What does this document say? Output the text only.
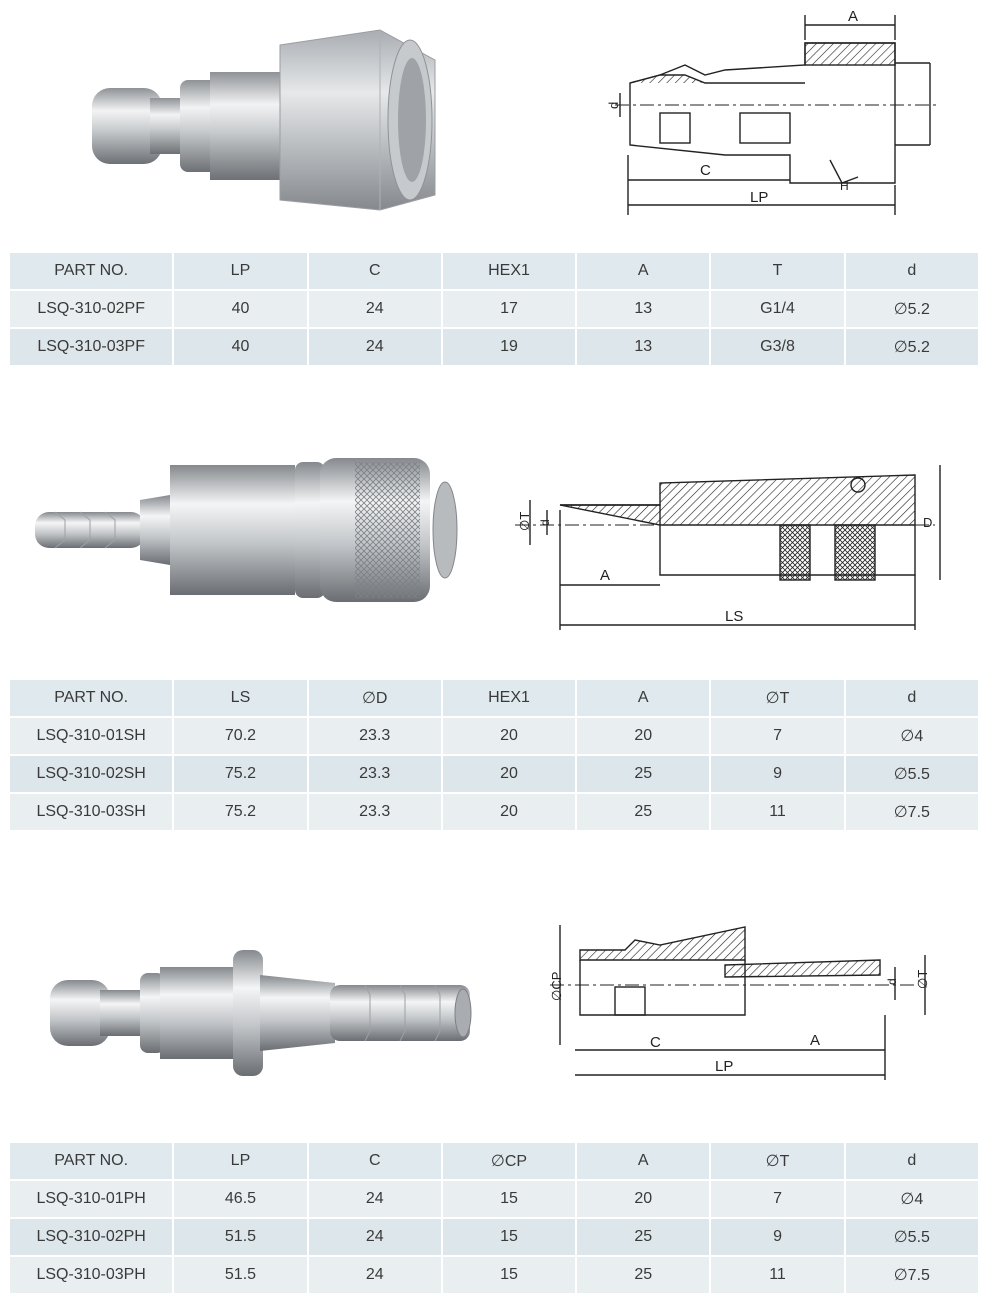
A
d
C
LP
H
PART NO.	LP	C	HEX1	A	T	d
LSQ-310-02PF	40	24	17	13	G1/4	∅5.2
LSQ-310-03PF	40	24	19	13	G3/8	∅5.2
∅T d
A
LS
D
PART NO.	LS	∅D	HEX1	A	∅T	d
LSQ-310-01SH	70.2	23.3	20	20	7	∅4
LSQ-310-02SH	75.2	23.3	20	25	9	∅5.5
LSQ-310-03SH	75.2	23.3	20	25	11	∅7.5
∅CP
C
LP
A
d ∅T
PART NO.	LP	C	∅CP	A	∅T	d
LSQ-310-01PH	46.5	24	15	20	7	∅4
LSQ-310-02PH	51.5	24	15	25	9	∅5.5
LSQ-310-03PH	51.5	24	15	25	11	∅7.5
